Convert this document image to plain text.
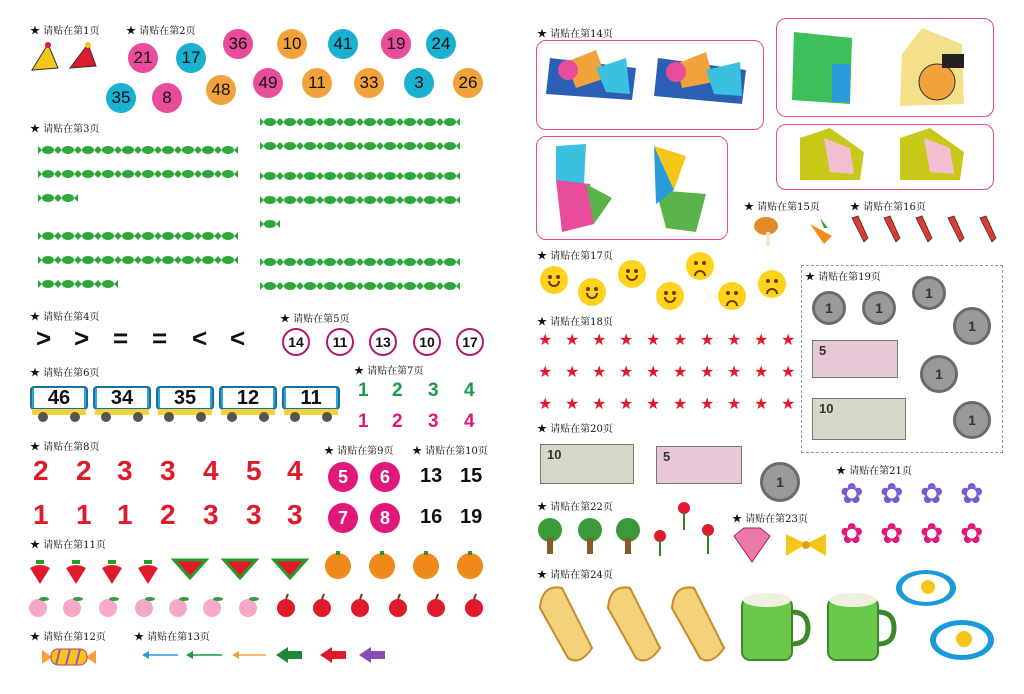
★ 请贴在第1页	★ 请贴在第2页
21	17
36	10	41	19	24
35	8	48	49	11	33	3	26
★ 请贴在第3页
★ 请贴在第4页
> > = = < <
★ 请贴在第5页
14	11	13	10	17
★ 请贴在第6页
46	34	35	12	11
★ 请贴在第7页
1 2 3 4
1 2 3 4
★ 请贴在第8页
2 2 3 3 4 5 4
1 1 1 2 3 3 3
★ 请贴在第9页
5	6
7	8
★ 请贴在第10页
13 15
16 19
★ 请贴在第11页
★ 请贴在第12页	★ 请贴在第13页
★ 请贴在第14页
★ 请贴在第15页	★ 请贴在第16页
★ 请贴在第17页
★ 请贴在第18页
★ ★ ★ ★ ★ ★ ★ ★ ★ ★
★ ★ ★ ★ ★ ★ ★ ★ ★ ★
★ ★ ★ ★ ★ ★ ★ ★ ★ ★
★ 请贴在第20页
10	5
1
★ 请贴在第19页
1	1
1
1
1
1
5
10
★ 请贴在第21页
✿ ✿ ✿ ✿
✿ ✿ ✿ ✿
★ 请贴在第22页
★ 请贴在第23页
★ 请贴在第24页
